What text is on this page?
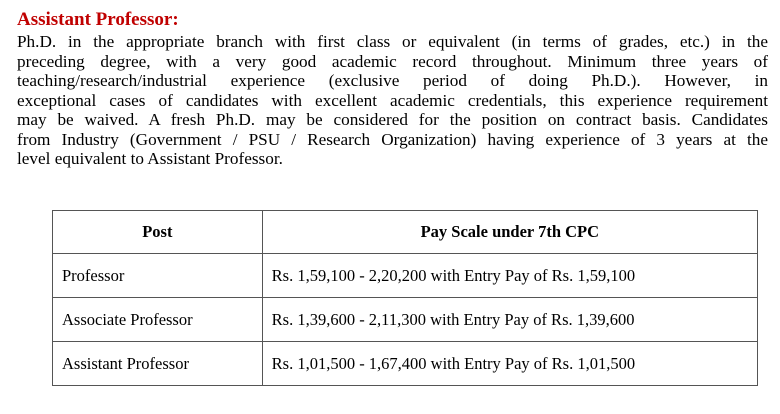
Assistant Professor:
Ph.D. in the appropriate branch with first class or equivalent (in terms of grades, etc.) in the
preceding degree, with a very good academic record throughout. Minimum three years of
teaching/research/industrial experience (exclusive period of doing Ph.D.). However, in
exceptional cases of candidates with excellent academic credentials, this experience requirement
may be waived. A fresh Ph.D. may be considered for the position on contract basis. Candidates
from Industry (Government / PSU / Research Organization) having experience of 3 years at the
level equivalent to Assistant Professor.
Post	Pay Scale under 7th CPC
Professor	Rs. 1,59,100 - 2,20,200 with Entry Pay of Rs. 1,59,100
Associate Professor	Rs. 1,39,600 - 2,11,300 with Entry Pay of Rs. 1,39,600
Assistant Professor	Rs. 1,01,500 - 1,67,400 with Entry Pay of Rs. 1,01,500
